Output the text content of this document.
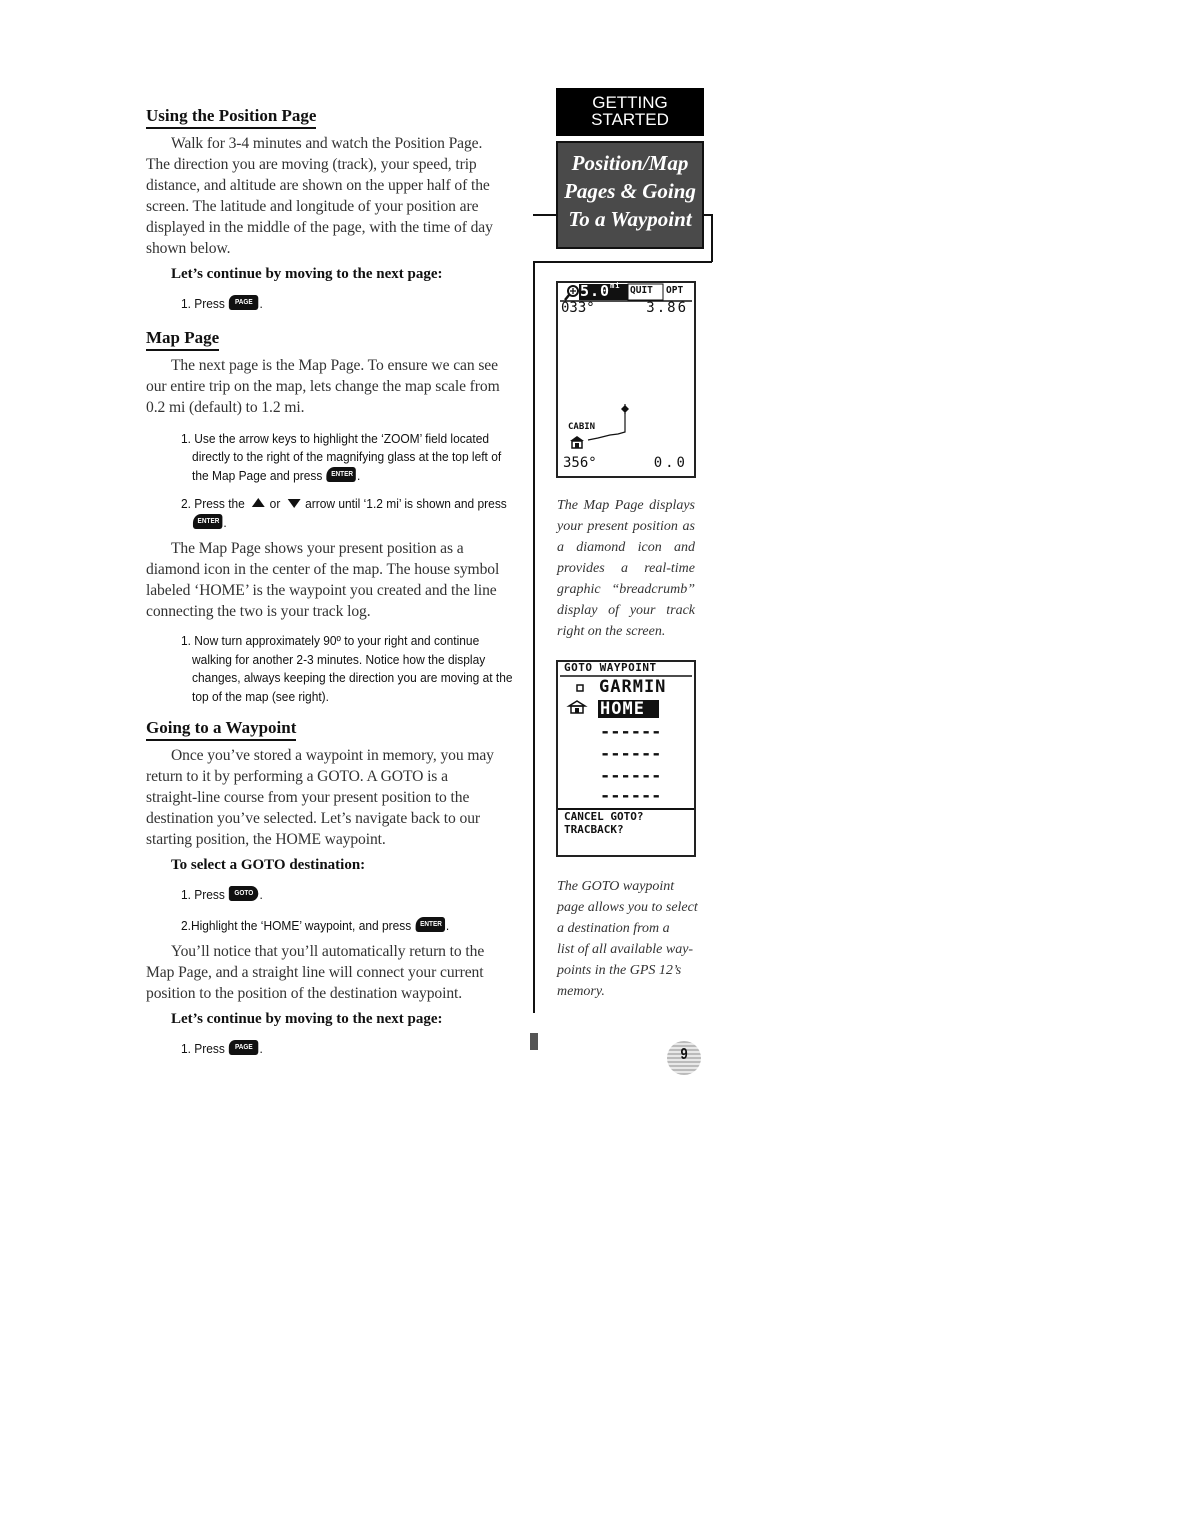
Using the Position Page

Walk for 3-4 minutes and watch the Position Page. The direction you are moving (track), your speed, trip distance, and altitude are shown on the upper half of the screen. The latitude and longitude of your position are displayed in the middle of the page, with the time of day shown below.

Let’s continue by moving to the next page:

1. Press PAGE .
Map Page

The next page is the Map Page. To ensure we can see our entire trip on the map, lets change the map scale from 0.2 mi (default) to 1.2 mi.

1. Use the arrow keys to highlight the ‘ZOOM’ field located directly to the right of the magnifying glass at the top left of the Map Page and press ENTER .
2. Press the or arrow until ‘1.2 mi’ is shown and press ENTER .

The Map Page shows your present position as a diamond icon in the center of the map. The house symbol labeled ‘HOME’ is the waypoint you created and the line connecting the two is your track log.

1. Now turn approximately 90º to your right and continue walking for another 2-3 minutes. Notice how the display changes, always keeping the direction you are moving at the top of the map (see right).
Going to a Waypoint

Once you’ve stored a waypoint in memory, you may return to it by performing a GOTO. A GOTO is a straight-line course from your present position to the destination you’ve selected. Let’s navigate back to our starting position, the HOME waypoint.

To select a GOTO destination:

1. Press GOTO .
2.Highlight the ‘HOME’ waypoint, and press ENTER .

You’ll notice that you’ll automatically return to the Map Page, and a straight line will connect your current position to the position of the destination waypoint.

Let’s continue by moving to the next page:

1. Press PAGE .
GETTING
STARTED
Position/Map
Pages & Going
To a Waypoint
$5.0^{mi}$ QUIT OPT
033°	3.86
CABIN
356°	0.0
The Map Page displays your present position as a diamond icon and provides a real-time graphic “breadcrumb” display of your track right on the screen.
GOTO WAYPOINT
GARMIN
HOME
------
------
------
------
CANCEL GOTO?
TRACBACK?
The GOTO waypoint
page allows you to select
a destination from a
list of all available way-
points in the GPS 12’s
memory.
9
